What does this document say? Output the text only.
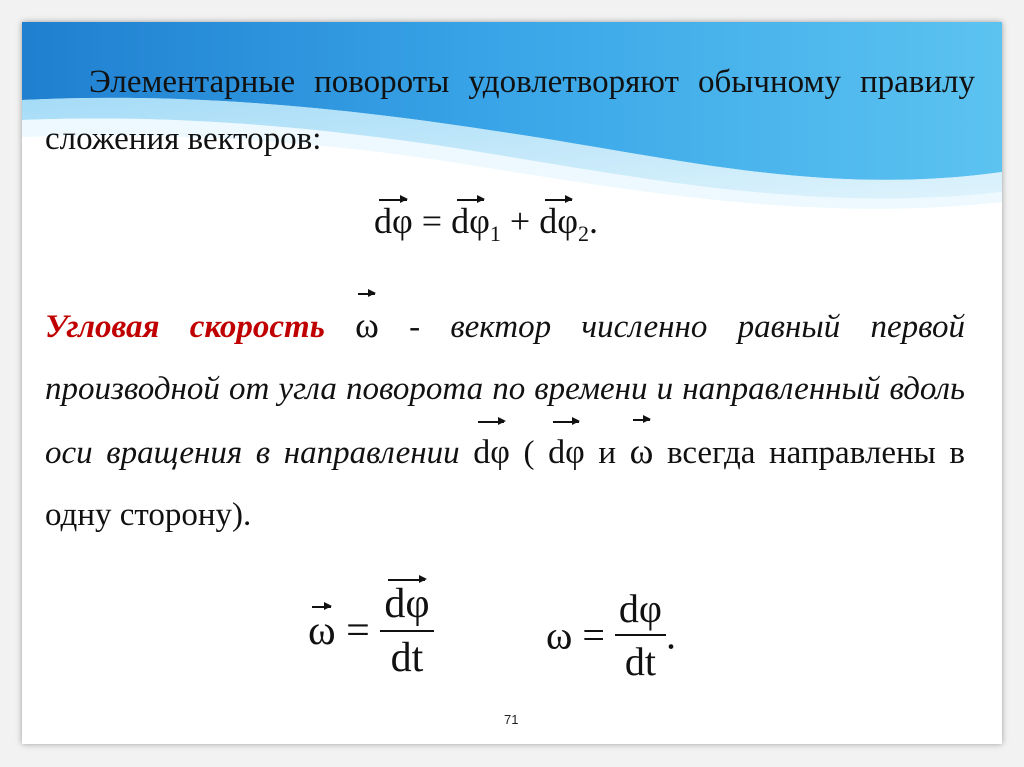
Элементарные повороты удовлетворяют обычному правилу сложения векторов:
$d\varphi = d\varphi_1 + d\varphi_2$.
Угловая скорость ω - вектор численно равный первой производной от угла поворота по времени и направленный вдоль оси вращения в направлении dφ ( dφ и ω всегда направлены в одну сторону).
$\omega = \frac{d\varphi}{dt}$	$\omega = \frac{d\varphi}{dt}$ .
71
